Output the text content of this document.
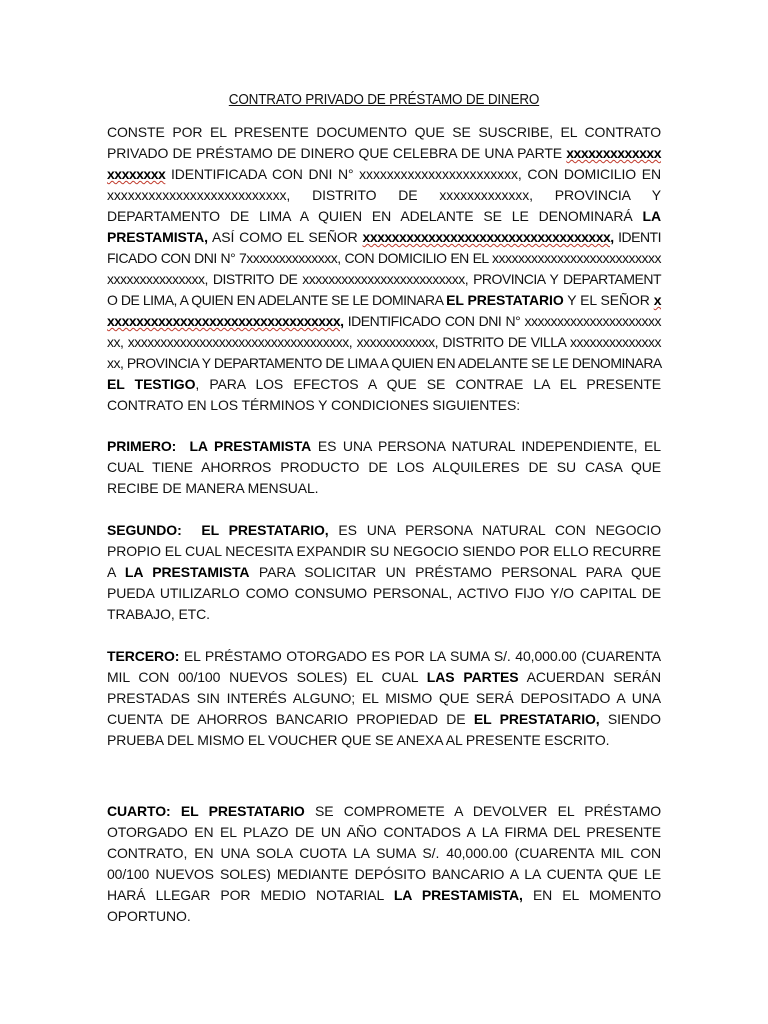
CONTRATO PRIVADO DE PRÉSTAMO DE DINERO

CONSTE POR EL PRESENTE DOCUMENTO QUE SE SUSCRIBE, EL CONTRATO PRIVADO DE PRÉSTAMO DE DINERO QUE CELEBRA DE UNA PARTE xxxxxxxxxxxxxxxxxxxxx IDENTIFICADA CON DNI N° xxxxxxxxxxxxxxxxxxxxxxx, CON DOMICILIO EN xxxxxxxxxxxxxxxxxxxxxxxxxx, DISTRITO DE xxxxxxxxxxxxx, PROVINCIA Y DEPARTAMENTO DE LIMA A QUIEN EN ADELANTE SE LE DENOMINARÁ LA PRESTAMISTA, ASÍ COMO EL SEÑOR xxxxxxxxxxxxxxxxxxxxxxxxxxxxxxxxxx, IDENTIFICADO CON DNI N° 7xxxxxxxxxxxxxx, CON DOMICILIO EN EL xxxxxxxxxxxxxxxxxxxxxxxxxxxxxxxxxxxxxxxxx, DISTRITO DE xxxxxxxxxxxxxxxxxxxxxxxxx, PROVINCIA Y DEPARTAMENTO DE LIMA, A QUIEN EN ADELANTE SE LE DOMINARA EL PRESTATARIO Y EL SEÑOR xxxxxxxxxxxxxxxxxxxxxxxxxxxxxxxxx, IDENTIFICADO CON DNI N° xxxxxxxxxxxxxxxxxxxxxxx, xxxxxxxxxxxxxxxxxxxxxxxxxxxxxxxxxx, xxxxxxxxxxxx, DISTRITO DE VILLA xxxxxxxxxxxxxxxx, PROVINCIA Y DEPARTAMENTO DE LIMA A QUIEN EN ADELANTE SE LE DENOMINARA EL TESTIGO, PARA LOS EFECTOS A QUE SE CONTRAE LA EL PRESENTE CONTRATO EN LOS TÉRMINOS Y CONDICIONES SIGUIENTES:

PRIMERO: LA PRESTAMISTA ES UNA PERSONA NATURAL INDEPENDIENTE, EL CUAL TIENE AHORROS PRODUCTO DE LOS ALQUILERES DE SU CASA QUE RECIBE DE MANERA MENSUAL.

SEGUNDO: EL PRESTATARIO, ES UNA PERSONA NATURAL CON NEGOCIO PROPIO EL CUAL NECESITA EXPANDIR SU NEGOCIO SIENDO POR ELLO RECURRE A LA PRESTAMISTA PARA SOLICITAR UN PRÉSTAMO PERSONAL PARA QUE PUEDA UTILIZARLO COMO CONSUMO PERSONAL, ACTIVO FIJO Y/O CAPITAL DE TRABAJO, ETC.

TERCERO: EL PRÉSTAMO OTORGADO ES POR LA SUMA S/. 40,000.00 (CUARENTA MIL CON 00/100 NUEVOS SOLES) EL CUAL LAS PARTES ACUERDAN SERÁN PRESTADAS SIN INTERÉS ALGUNO; EL MISMO QUE SERÁ DEPOSITADO A UNA CUENTA DE AHORROS BANCARIO PROPIEDAD DE EL PRESTATARIO, SIENDO PRUEBA DEL MISMO EL VOUCHER QUE SE ANEXA AL PRESENTE ESCRITO.

CUARTO: EL PRESTATARIO SE COMPROMETE A DEVOLVER EL PRÉSTAMO OTORGADO EN EL PLAZO DE UN AÑO CONTADOS A LA FIRMA DEL PRESENTE CONTRATO, EN UNA SOLA CUOTA LA SUMA S/. 40,000.00 (CUARENTA MIL CON 00/100 NUEVOS SOLES) MEDIANTE DEPÓSITO BANCARIO A LA CUENTA QUE LE HARÁ LLEGAR POR MEDIO NOTARIAL LA PRESTAMISTA, EN EL MOMENTO OPORTUNO.
